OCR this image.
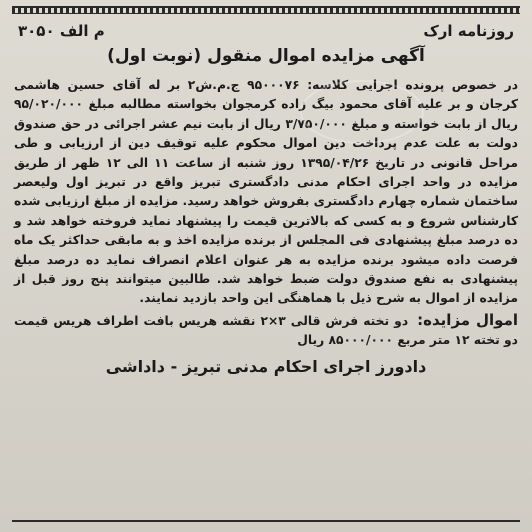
روزنامه ارک
م الف ۳۰۵۰
آگهی مزایده اموال منقول (نوبت اول)
در خصوص پرونده اجرایی کلاسه: ۹۵۰۰۰۷۶ ج.م.ش۲ بر له آقای حسین هاشمی کرجان و بر علیه آقای محمود بیگ زاده کرمجوان بخواسته مطالبه مبلغ ۹۵/۰۲۰/۰۰۰ ریال از بابت خواسته و مبلغ ۳/۷۵۰/۰۰۰ ریال از بابت نیم عشر اجرائی در حق صندوق دولت به علت عدم پرداخت دین اموال محکوم علیه توقیف دین از ارزیابی و طی مراحل قانونی در تاریخ ۱۳۹۵/۰۴/۲۶ روز شنبه از ساعت ۱۱ الی ۱۲ ظهر از طریق مزایده در واحد اجرای احکام مدنی دادگستری تبریز واقع در تبریز اول ولیعصر ساختمان شماره چهارم دادگستری بفروش خواهد رسید. مزایده از مبلغ ارزیابی شده کارشناس شروع و به کسی که بالاترین قیمت را پیشنهاد نماید فروخته خواهد شد و ده درصد مبلغ پیشنهادی فی المجلس از برنده مزایده اخذ و به مابقی حداکثر یک ماه فرصت داده میشود برنده مزایده به هر عنوان اعلام انصراف نماید ده درصد مبلغ پیشنهادی به نفع صندوق دولت ضبط خواهد شد. طالبین میتوانند پنج روز قبل از مزایده از اموال به شرح ذیل با هماهنگی این واحد بازدید نمایند.
اموال مزایده: دو تخته فرش قالی ۳×۲ نقشه هریس بافت اطراف هریس قیمت دو تخته ۱۲ متر مربع ۸۵۰۰۰/۰۰۰ ریال
دادورز اجرای احکام مدنی تبریز - داداشی
